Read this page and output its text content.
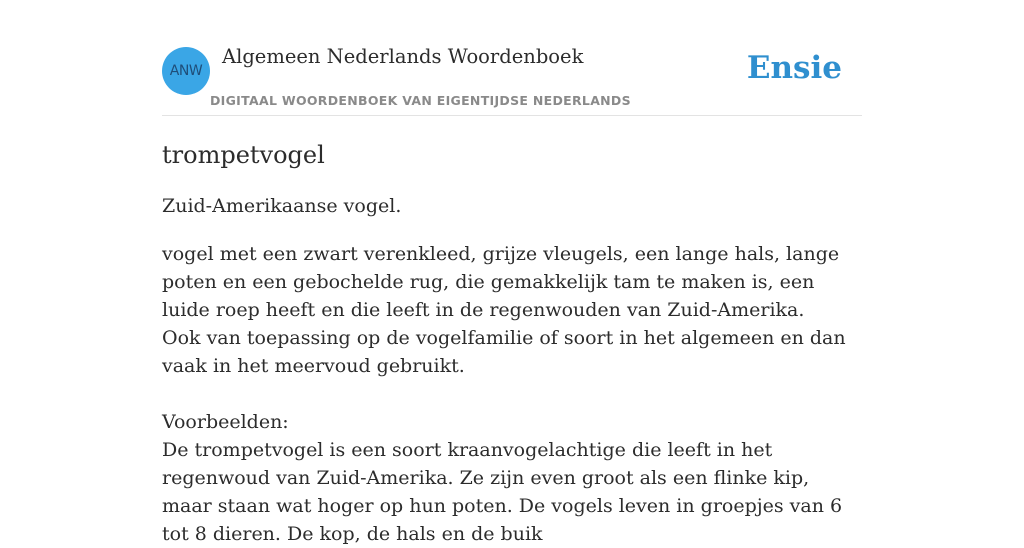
ANW
Algemeen Nederlands Woordenboek
DIGITAAL WOORDENBOEK VAN EIGENTIJDSE NEDERLANDS
Ensie
trompetvogel

Zuid-Amerikaanse vogel.

vogel met een zwart verenkleed, grijze vleugels, een lange hals, lange poten en een gebochelde rug, die gemakkelijk tam te maken is, een luide roep heeft en die leeft in de regenwouden van Zuid-Amerika.
Ook van toepassing op de vogelfamilie of soort in het algemeen en dan vaak in het meervoud gebruikt.
Voorbeelden:
De trompetvogel is een soort kraanvogelachtige die leeft in het regenwoud van Zuid-Amerika. Ze zijn even groot als een flinke kip, maar staan wat hoger op hun poten. De vogels leven in groepjes van 6 tot 8 dieren. De kop, de hals en de buik
